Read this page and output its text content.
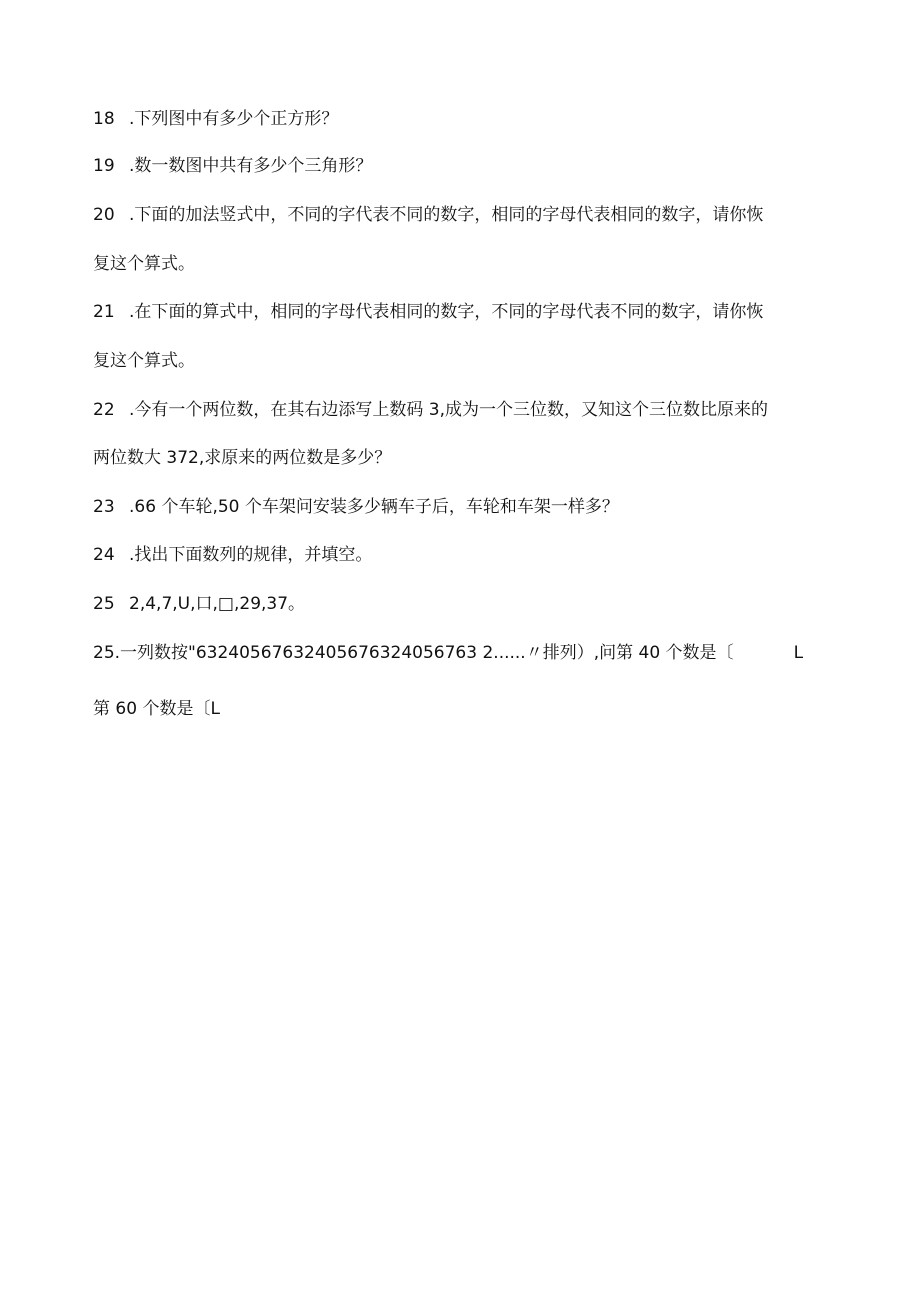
18 .下列图中有多少个正方形？
19 .数一数图中共有多少个三角形？
20 .下面的加法竖式中，不同的字代表不同的数字，相同的字母代表相同的数字，请你恢
复这个算式。
21 .在下面的算式中，相同的字母代表相同的数字，不同的字母代表不同的数字，请你恢
复这个算式。
22 .今有一个两位数，在其右边添写上数码 3,成为一个三位数，又知这个三位数比原来的
两位数大 372,求原来的两位数是多少？
23 .66 个车轮,50 个车架问安装多少辆车子后，车轮和车架一样多？
24 .找出下面数列的规律，并填空。
25 2,4,7,U,口,□,29,37。
25.一列数按"63240567632405676324056763 2......〃排列）,问第 40 个数是〔	L
第 60 个数是〔L
